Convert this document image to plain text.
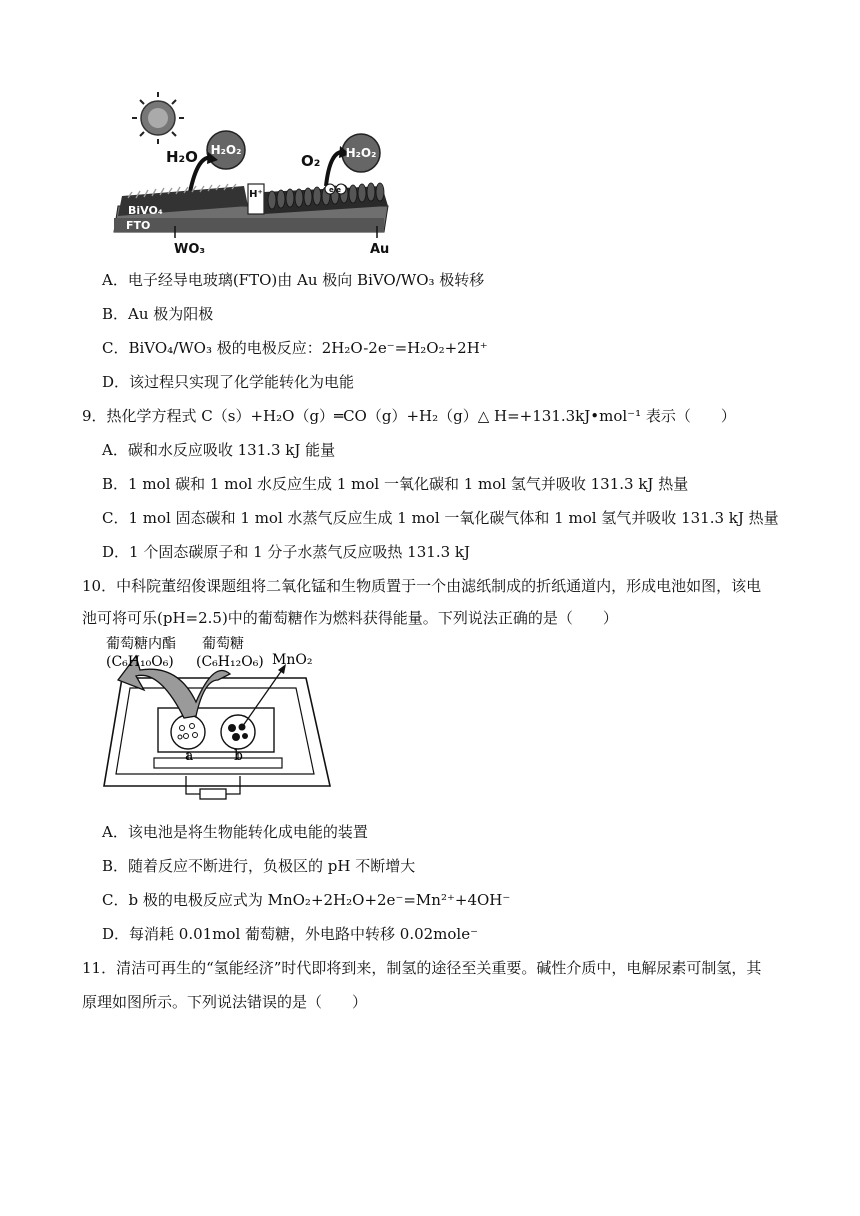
H₂O H₂O₂
O₂ H₂O₂
H⁺	e e
BiVO₄
FTO
WO₃	Au
A．电子经导电玻璃(FTO)由 Au 极向 BiVO/WO₃ 极转移
B．Au 极为阳极
C．BiVO₄/WO₃ 极的电极反应：2H₂O-2e⁻=H₂O₂+2H⁺
D．该过程只实现了化学能转化为电能
9．热化学方程式 C（s）+H₂O（g）═CO（g）+H₂（g）△ H=+131.3kJ•mol⁻¹ 表示（　　）
A．碳和水反应吸收 131.3 kJ 能量
B．1 mol 碳和 1 mol 水反应生成 1 mol 一氧化碳和 1 mol 氢气并吸收 131.3 kJ 热量
C．1 mol 固态碳和 1 mol 水蒸气反应生成 1 mol 一氧化碳气体和 1 mol 氢气并吸收 131.3 kJ 热量
D．1 个固态碳原子和 1 分子水蒸气反应吸热 131.3 kJ
10．中科院董绍俊课题组将二氧化锰和生物质置于一个由滤纸制成的折纸通道内，形成电池如图，该电
池可将可乐(pH=2.5)中的葡萄糖作为燃料获得能量。下列说法正确的是（　　）
葡萄糖内酯
(C₆H₁₀O₆)
葡萄糖
(C₆H₁₂O₆) MnO₂
a	b
A．该电池是将生物能转化成电能的装置
B．随着反应不断进行，负极区的 pH 不断增大
C．b 极的电极反应式为 MnO₂+2H₂O+2e⁻=Mn²⁺+4OH⁻
D．每消耗 0.01mol 葡萄糖，外电路中转移 0.02mole⁻
11．清洁可再生的“氢能经济”时代即将到来，制氢的途径至关重要。碱性介质中，电解尿素可制氢，其
原理如图所示。下列说法错误的是（　　）
